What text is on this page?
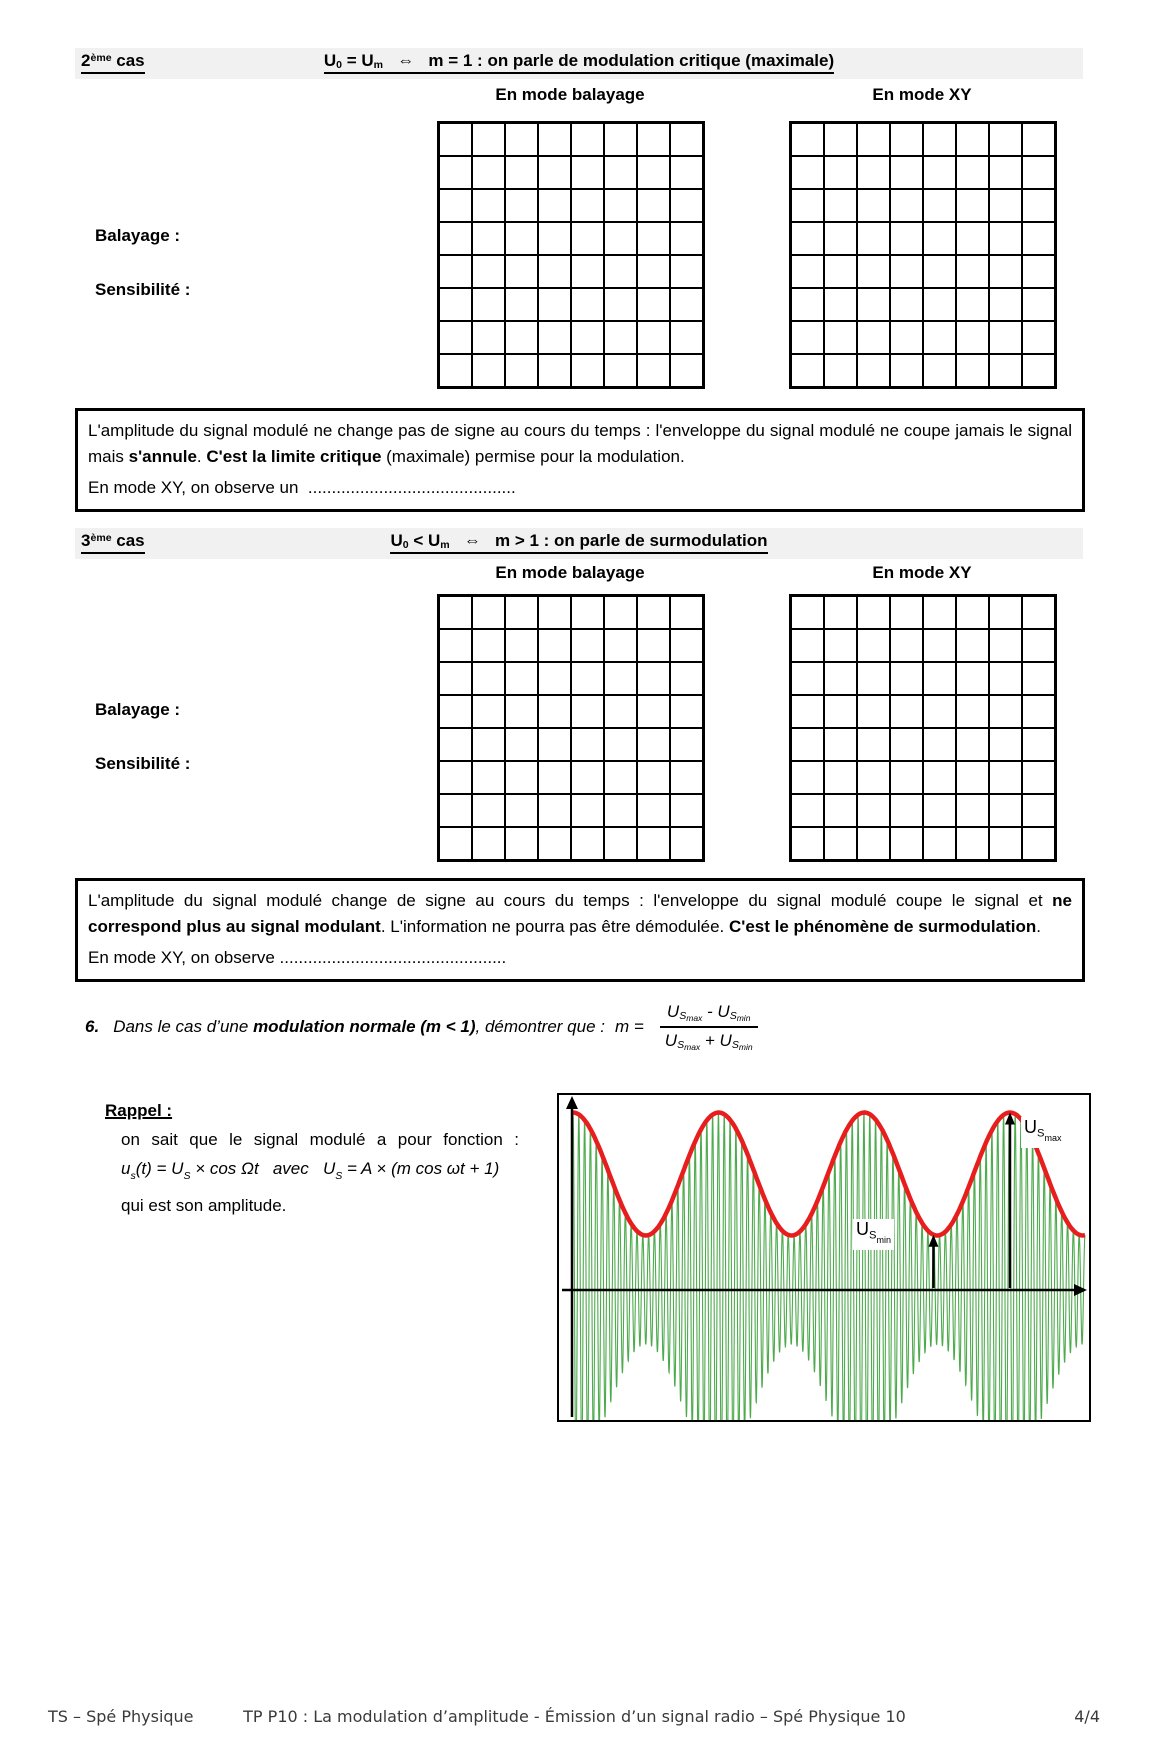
2ème cas	U0 = Um   ⇔   m = 1 : on parle de modulation critique (maximale)
En mode balayage	En mode XY
Balayage :
Sensibilité :

L'amplitude du signal modulé ne change pas de signe au cours du temps : l'enveloppe du signal modulé ne coupe jamais le signal mais s'annule. C'est la limite critique (maximale) permise pour la modulation.

En mode XY, on observe un  ............................................

3ème cas	U0 < Um   ⇔   m > 1 : on parle de surmodulation
En mode balayage	En mode XY
Balayage :
Sensibilité :

L'amplitude du signal modulé change de signe au cours du temps : l'enveloppe du signal modulé coupe le signal et ne correspond plus au signal modulant. L'information ne pourra pas être démodulée. C'est le phénomène de surmodulation.

En mode XY, on observe ................................................

6. Dans le cas d’une modulation normale (m < 1), démontrer que : $m = \frac{US_{max} - US_{min}}{US_{max} + US_{min}}$
Rappel :
on sait que le signal modulé a pour fonction :
$u_s(t) = U_S \times \cos \Omega t$   avec   $U_S = A \times (m$ cos ωt + 1)
qui est son amplitude.
$US_{max}$
$US_{min}$
TS – Spé Physique	TP P10 : La modulation d’amplitude - Émission d’un signal radio – Spé Physique 10	4/4
